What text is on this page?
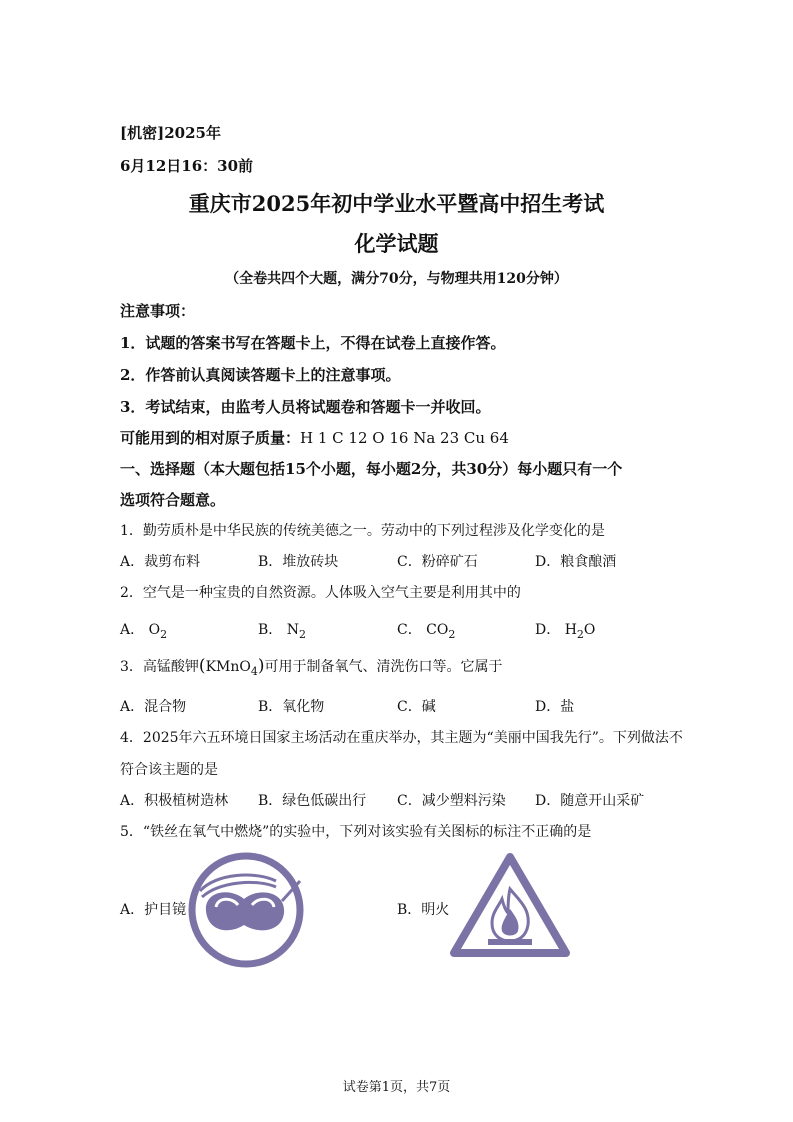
[机密]2025年
6月12日16：30前
重庆市2025年初中学业水平暨高中招生考试
化学试题
（全卷共四个大题，满分70分，与物理共用120分钟）
注意事项：
1．试题的答案书写在答题卡上，不得在试卷上直接作答。
2．作答前认真阅读答题卡上的注意事项。
3．考试结束，由监考人员将试题卷和答题卡一并收回。
可能用到的相对原子质量：H 1 C 12 O 16 Na 23 Cu 64
一、选择题（本大题包括15个小题，每小题2分，共30分）每小题只有一个
选项符合题意。
1．勤劳质朴是中华民族的传统美德之一。劳动中的下列过程涉及化学变化的是
A．裁剪布料	B．堆放砖块	C．粉碎矿石	D．粮食酿酒
2．空气是一种宝贵的自然资源。人体吸入空气主要是利用其中的
A． $O_2$	B． $N_2$	C． $CO_2$	D． $H_2O$
3．高锰酸钾(KMnO$_4$)可用于制备氧气、清洗伤口等。它属于
A．混合物	B．氧化物	C．碱	D．盐
4．2025年六五环境日国家主场活动在重庆举办，其主题为“美丽中国我先行”。下列做法不
符合该主题的是
A．积极植树造林 B．绿色低碳出行 C．减少塑料污染 D．随意开山采矿
5．“铁丝在氧气中燃烧”的实验中，下列对该实验有关图标的标注不正确的是
A．护目镜	B．明火
试卷第1页，共7页
